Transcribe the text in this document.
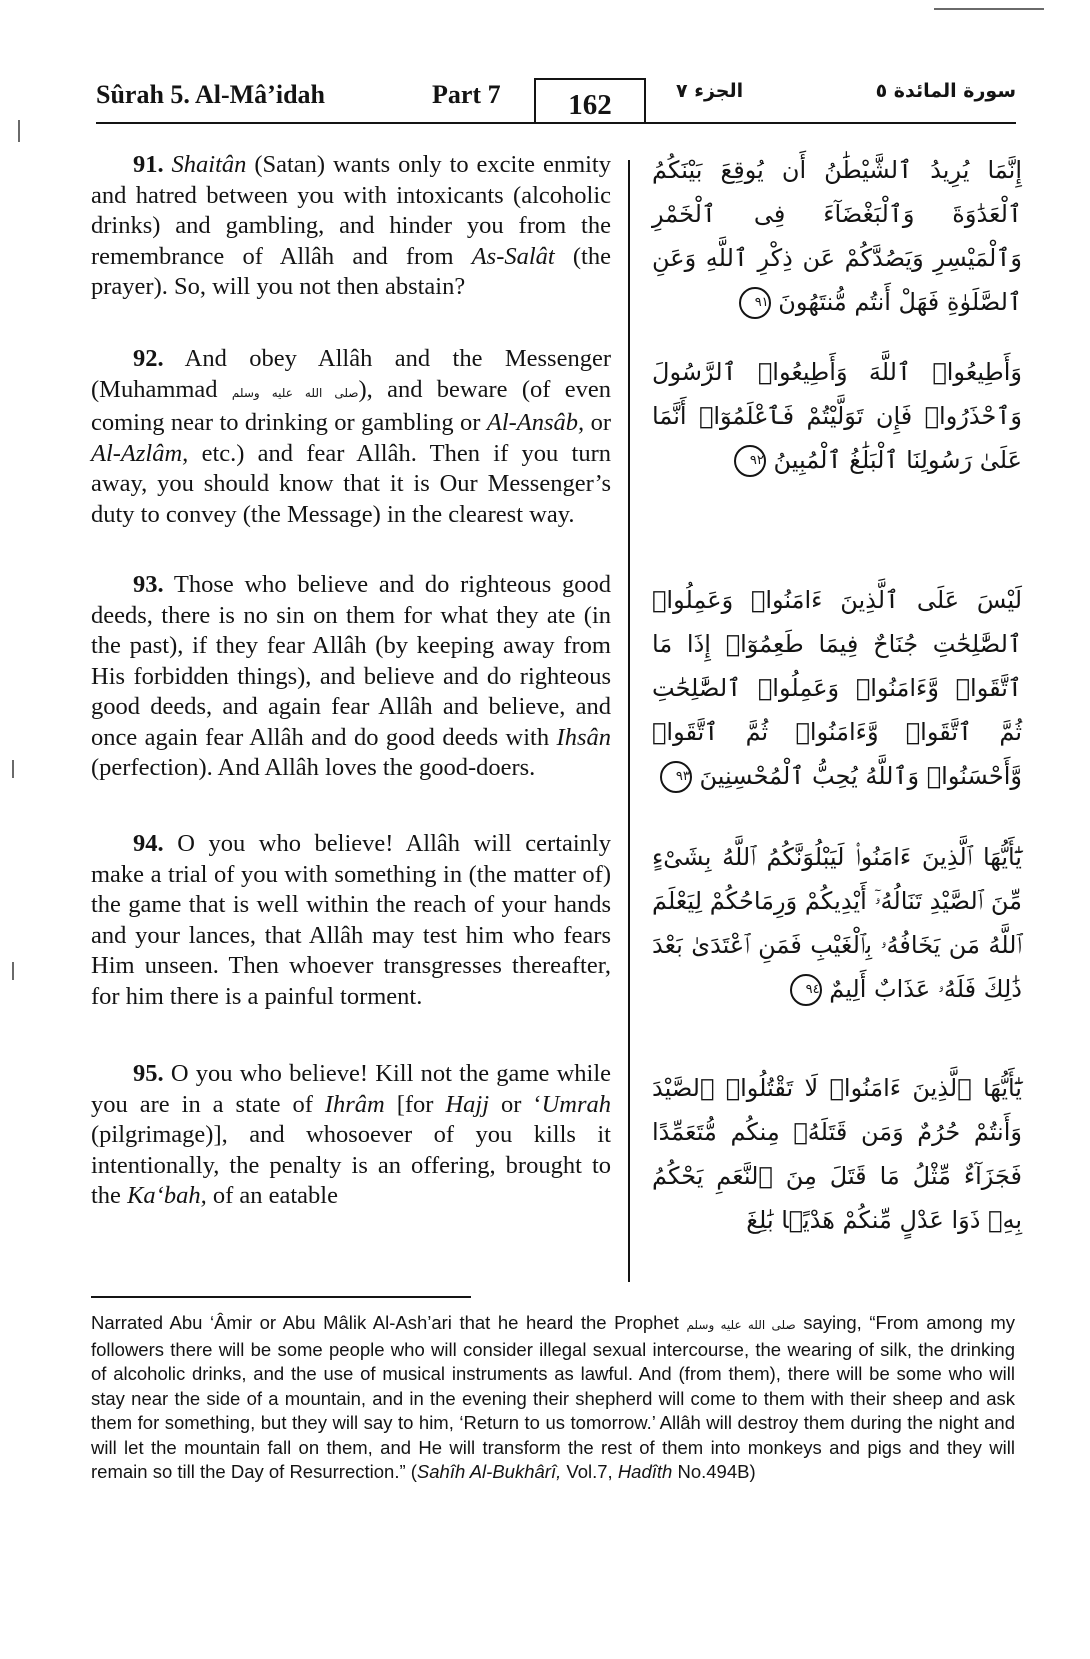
Sûrah 5. Al-Mâ’idah	Part 7	162	الجزء ٧	سورة المائدة ٥

91. Shaitân (Satan) wants only to excite enmity and hatred between you with intoxicants (alcoholic drinks) and gambling, and hinder you from the remembrance of Allâh and from As-Salât (the prayer). So, will you not then abstain?

92. And obey Allâh and the Messenger (Muhammad صلى الله عليه وسلم), and beware (of even coming near to drinking or gambling or Al-Ansâb, or Al-Azlâm, etc.) and fear Allâh. Then if you turn away, you should know that it is Our Messenger’s duty to convey (the Message) in the clearest way.

93. Those who believe and do righteous good deeds, there is no sin on them for what they ate (in the past), if they fear Allâh (by keeping away from His forbidden things), and believe and do righteous good deeds, and again fear Allâh and believe, and once again fear Allâh and do good deeds with Ihsân (perfection). And Allâh loves the good-doers.

94. O you who believe! Allâh will certainly make a trial of you with something in (the matter of) the game that is well within the reach of your hands and your lances, that Allâh may test him who fears Him unseen. Then whoever transgresses thereafter, for him there is a painful torment.

95. O you who believe! Kill not the game while you are in a state of Ihrâm [for Hajj or ‘Umrah (pilgrimage)], and whosoever of you kills it intentionally, the penalty is an offering, brought to the Ka‘bah, of an eatable

إِنَّمَا يُرِيدُ ٱلشَّيْطَٰنُ أَن يُوقِعَ بَيْنَكُمُ ٱلْعَدَٰوَةَ وَٱلْبَغْضَآءَ فِى ٱلْخَمْرِ وَٱلْمَيْسِرِ وَيَصُدَّكُمْ عَن ذِكْرِ ٱللَّهِ وَعَنِ ٱلصَّلَوٰةِ فَهَلْ أَنتُم مُّنتَهُونَ ٩١

وَأَطِيعُوا۟ ٱللَّهَ وَأَطِيعُوا۟ ٱلرَّسُولَ وَٱحْذَرُوا۟ فَإِن تَوَلَّيْتُمْ فَٱعْلَمُوٓا۟ أَنَّمَا عَلَىٰ رَسُولِنَا ٱلْبَلَٰغُ ٱلْمُبِينُ ٩٢

لَيْسَ عَلَى ٱلَّذِينَ ءَامَنُوا۟ وَعَمِلُوا۟ ٱلصَّٰلِحَٰتِ جُنَاحٌ فِيمَا طَعِمُوٓا۟ إِذَا مَا ٱتَّقَوا۟ وَّءَامَنُوا۟ وَعَمِلُوا۟ ٱلصَّٰلِحَٰتِ ثُمَّ ٱتَّقَوا۟ وَّءَامَنُوا۟ ثُمَّ ٱتَّقَوا۟ وَّأَحْسَنُوا۟ وَٱللَّهُ يُحِبُّ ٱلْمُحْسِنِينَ ٩٣

يَٰٓأَيُّهَا ٱلَّذِينَ ءَامَنُوا۟ لَيَبْلُوَنَّكُمُ ٱللَّهُ بِشَىْءٍ مِّنَ ٱلصَّيْدِ تَنَالُهُۥٓ أَيْدِيكُمْ وَرِمَاحُكُمْ لِيَعْلَمَ ٱللَّهُ مَن يَخَافُهُۥ بِٱلْغَيْبِ فَمَنِ ٱعْتَدَىٰ بَعْدَ ذَٰلِكَ فَلَهُۥ عَذَابٌ أَلِيمٌ ٩٤

يَٰٓأَيُّهَا ٱلَّذِينَ ءَامَنُوا۟ لَا تَقْتُلُوا۟ ٱلصَّيْدَ وَأَنتُمْ حُرُمٌ وَمَن قَتَلَهُۥ مِنكُم مُّتَعَمِّدًا فَجَزَآءٌ مِّثْلُ مَا قَتَلَ مِنَ ٱلنَّعَمِ يَحْكُمُ بِهِۦ ذَوَا عَدْلٍ مِّنكُمْ هَدْيًۢا بَٰلِغَ

Narrated Abu ‘Âmir or Abu Mâlik Al-Ash’ari that he heard the Prophet صلى الله عليه وسلم saying, “From among my followers there will be some people who will consider illegal sexual intercourse, the wearing of silk, the drinking of alcoholic drinks, and the use of musical instruments as lawful. And (from them), there will be some who will stay near the side of a mountain, and in the evening their shepherd will come to them with their sheep and ask them for something, but they will say to him, ‘Return to us tomorrow.’ Allâh will destroy them during the night and will let the mountain fall on them, and He will transform the rest of them into monkeys and pigs and they will remain so till the Day of Resurrection.” (Sahîh Al-Bukhârî, Vol.7, Hadîth No.494B)
